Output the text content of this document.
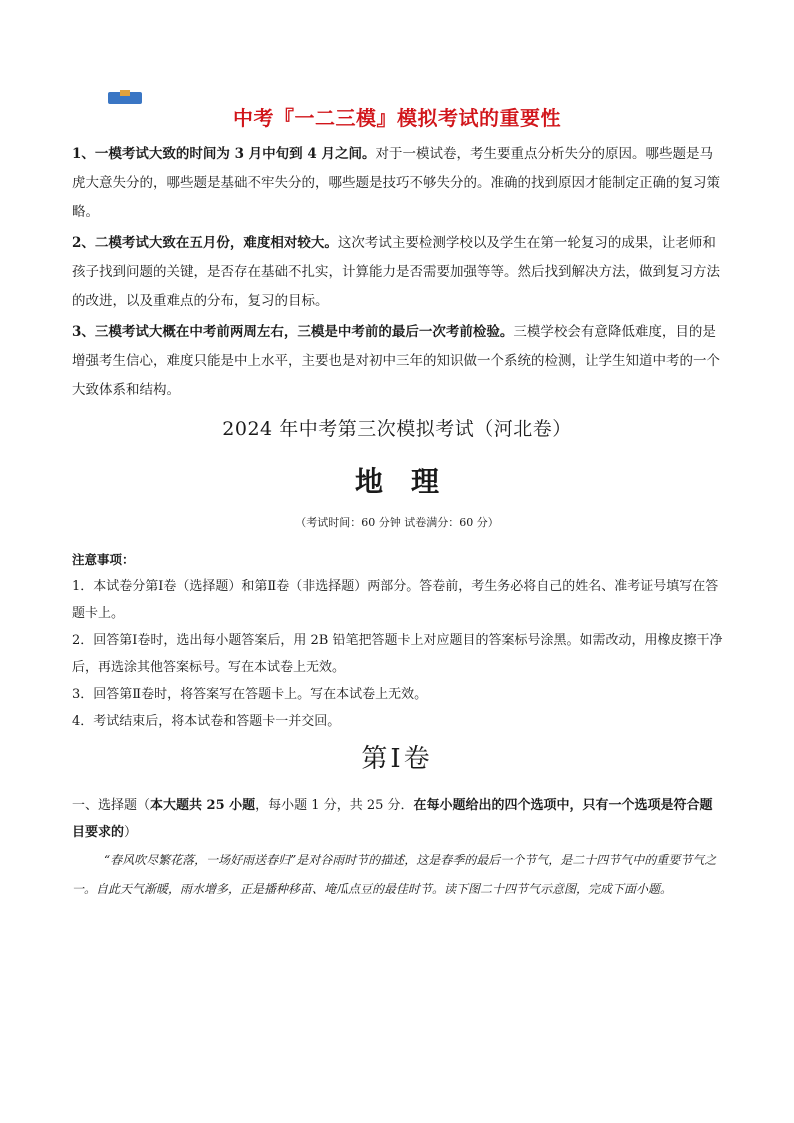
中考『一二三模』模拟考试的重要性

1、一模考试大致的时间为 3 月中旬到 4 月之间。对于一模试卷，考生要重点分析失分的原因。哪些题是马虎大意失分的，哪些题是基础不牢失分的，哪些题是技巧不够失分的。准确的找到原因才能制定正确的复习策略。

2、二模考试大致在五月份，难度相对较大。这次考试主要检测学校以及学生在第一轮复习的成果，让老师和孩子找到问题的关键，是否存在基础不扎实，计算能力是否需要加强等等。然后找到解决方法，做到复习方法的改进，以及重难点的分布，复习的目标。

3、三模考试大概在中考前两周左右，三模是中考前的最后一次考前检验。三模学校会有意降低难度，目的是增强考生信心，难度只能是中上水平，主要也是对初中三年的知识做一个系统的检测，让学生知道中考的一个大致体系和结构。

2024 年中考第三次模拟考试（河北卷）
地理
（考试时间：60 分钟 试卷满分：60 分）

注意事项：

1．本试卷分第Ⅰ卷（选择题）和第Ⅱ卷（非选择题）两部分。答卷前，考生务必将自己的姓名、准考证号填写在答题卡上。

2．回答第Ⅰ卷时，选出每小题答案后，用 2B 铅笔把答题卡上对应题目的答案标号涂黑。如需改动，用橡皮擦干净后，再选涂其他答案标号。写在本试卷上无效。

3．回答第Ⅱ卷时，将答案写在答题卡上。写在本试卷上无效。

4．考试结束后，将本试卷和答题卡一并交回。

第Ⅰ卷

一、选择题（本大题共 25 小题，每小题 1 分，共 25 分．在每小题给出的四个选项中，只有一个选项是符合题目要求的）

“春风吹尽繁花落，一场好雨送春归”是对谷雨时节的描述，这是春季的最后一个节气，是二十四节气中的重要节气之一。自此天气渐暖，雨水增多，正是播种移苗、埯瓜点豆的最佳时节。读下图二十四节气示意图，完成下面小题。
